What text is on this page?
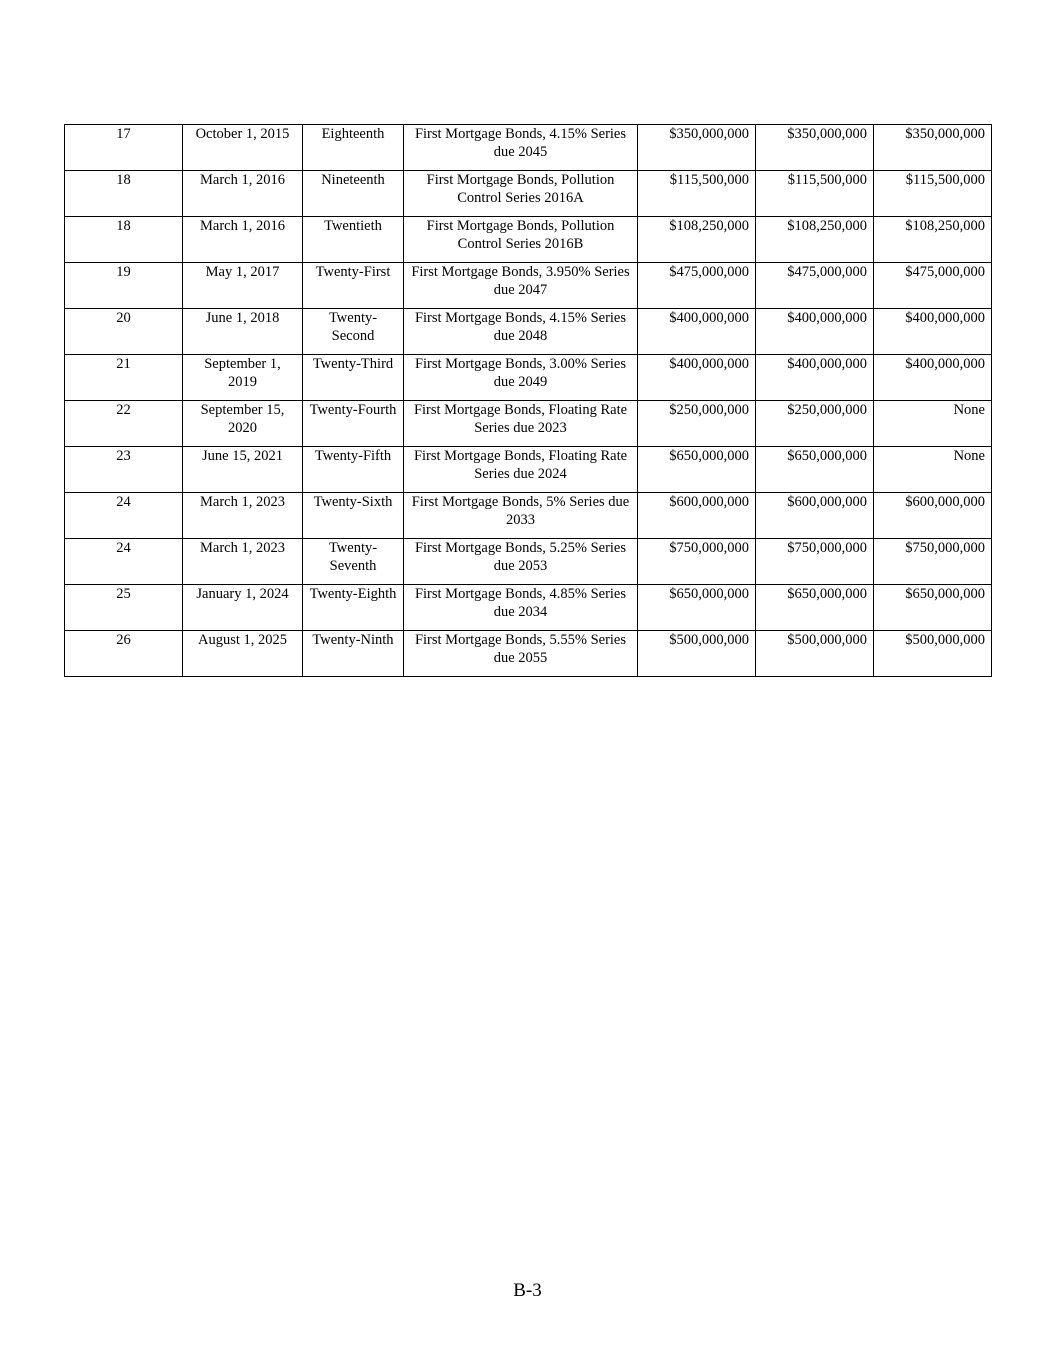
17	October 1, 2015	Eighteenth	First Mortgage Bonds, 4.15% Series due 2045	$350,000,000	$350,000,000	$350,000,000
18	March 1, 2016	Nineteenth	First Mortgage Bonds, Pollution Control Series 2016A	$115,500,000	$115,500,000	$115,500,000
18	March 1, 2016	Twentieth	First Mortgage Bonds, Pollution Control Series 2016B	$108,250,000	$108,250,000	$108,250,000
19	May 1, 2017	Twenty-First	First Mortgage Bonds, 3.950% Series due 2047	$475,000,000	$475,000,000	$475,000,000
20	June 1, 2018	Twenty-Second	First Mortgage Bonds, 4.15% Series due 2048	$400,000,000	$400,000,000	$400,000,000
21	September 1, 2019	Twenty-Third	First Mortgage Bonds, 3.00% Series due 2049	$400,000,000	$400,000,000	$400,000,000
22	September 15, 2020	Twenty-Fourth	First Mortgage Bonds, Floating Rate Series due 2023	$250,000,000	$250,000,000	None
23	June 15, 2021	Twenty-Fifth	First Mortgage Bonds, Floating Rate Series due 2024	$650,000,000	$650,000,000	None
24	March 1, 2023	Twenty-Sixth	First Mortgage Bonds, 5% Series due 2033	$600,000,000	$600,000,000	$600,000,000
24	March 1, 2023	Twenty-Seventh	First Mortgage Bonds, 5.25% Series due 2053	$750,000,000	$750,000,000	$750,000,000
25	January 1, 2024	Twenty-Eighth	First Mortgage Bonds, 4.85% Series due 2034	$650,000,000	$650,000,000	$650,000,000
26	August 1, 2025	Twenty-Ninth	First Mortgage Bonds, 5.55% Series due 2055	$500,000,000	$500,000,000	$500,000,000
B-3
